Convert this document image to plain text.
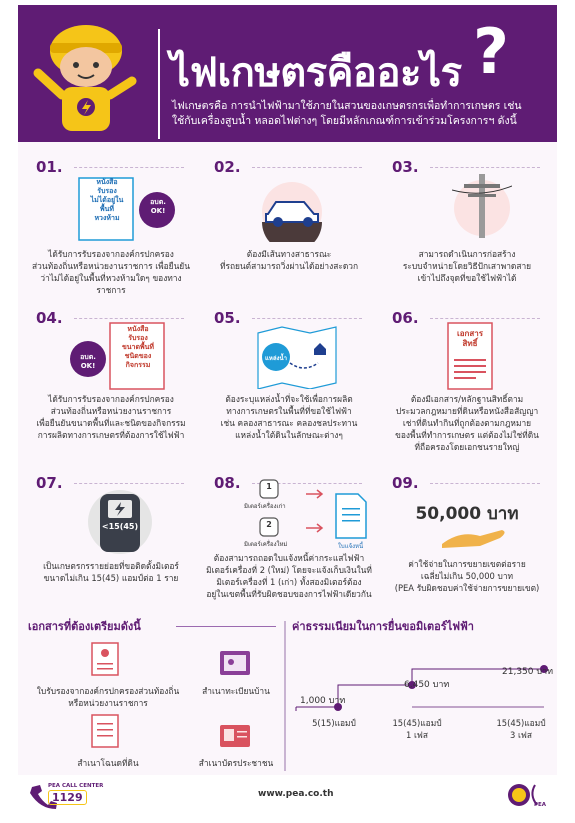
ไฟเกษตรคืออะไร ?
ไฟเกษตรคือ การนำไฟฟ้ามาใช้ภายในสวนของเกษตรกรเพื่อทำการเกษตร เช่น
ใช้กับเครื่องสูบน้ำ หลอดไฟต่างๆ โดยมีหลักเกณฑ์การเข้าร่วมโครงการฯ ดังนี้
01.
หนังสือ
รับรอง
ไม่ได้อยู่ใน
พื้นที่
หวงห้าม
อบต.
OK!
ได้รับการรับรองจากองค์กรปกครอง
ส่วนท้องถิ่นหรือหน่วยงานราชการ เพื่อยืนยัน
ว่าไม่ได้อยู่ในพื้นที่หวงห้ามใดๆ ของทางราชการ
02.
ต้องมีเส้นทางสาธารณะ
ที่รถยนต์สามารถวิ่งผ่านได้อย่างสะดวก
03.
สามารถดำเนินการก่อสร้าง
ระบบจำหน่ายโดยวิธีปักเสาพาดสาย
เข้าไปถึงจุดที่ขอใช้ไฟฟ้าได้
04.
หนังสือ
รับรอง
ขนาดพื้นที่
ชนิดของ
กิจกรรม
อบต.
OK!
ได้รับการรับรองจากองค์กรปกครอง
ส่วนท้องถิ่นหรือหน่วยงานราชการ
เพื่อยืนยันขนาดพื้นที่และชนิดของกิจกรรม
การผลิตทางการเกษตรที่ต้องการใช้ไฟฟ้า
05.
แหล่งน้ำ
ต้องระบุแหล่งน้ำที่จะใช้เพื่อการผลิต
ทางการเกษตรในพื้นที่ที่ขอใช้ไฟฟ้า
เช่น คลองสาธารณะ คลองชลประทาน
แหล่งน้ำใต้ดินในลักษณะต่างๆ
06.
เอกสาร
สิทธิ์
ต้องมีเอกสาร/หลักฐานสิทธิ์ตาม
ประมวลกฎหมายที่ดินหรือหนังสือสัญญา
เช่าที่ดินทำกินที่ถูกต้องตามกฎหมาย
ของพื้นที่ทำการเกษตร แต่ต้องไม่ใช่ที่ดิน
ที่ถือครองโดยเอกชนรายใหญ่
07.
<15(45)
เป็นเกษตรกรรายย่อยที่ขอติดตั้งมิเตอร์
ขนาดไม่เกิน 15(45) แอมป์ต่อ 1 ราย
08.	1
2
มิเตอร์เครื่องเก่า
มิเตอร์เครื่องใหม่	ใบแจ้งหนี้
ต้องสามารถถอดใบแจ้งหนี้ค่ากระแสไฟฟ้า
มิเตอร์เครื่องที่ 2 (ใหม่) โดยจะแจ้งเก็บเงินในที่
มิเตอร์เครื่องที่ 1 (เก่า) ทั้งสองมิเตอร์ต้อง
อยู่ในเขตพื้นที่รับผิดชอบของการไฟฟ้าเดียวกัน
09.
50,000 บาท
ค่าใช้จ่ายในการขยายเขตต่อราย
เฉลี่ยไม่เกิน 50,000 บาท
(PEA รับผิดชอบค่าใช้จ่ายการขยายเขต)
เอกสารที่ต้องเตรียมดังนี้
ใบรับรองจากองค์กรปกครองส่วนท้องถิ่น
หรือหน่วยงานราชการ
สำเนาทะเบียนบ้าน
สำเนาโฉนดที่ดิน	สำเนาบัตรประชาชน
ค่าธรรมเนียมในการยื่นขอมิเตอร์ไฟฟ้า
1,000 บาท
6,450 บาท
21,350 บาท
5(15)แอมป์	15(45)แอมป์
1 เฟส
15(45)แอมป์
3 เฟส
PEA CALL CENTER
1129	www.pea.co.th
PEA
